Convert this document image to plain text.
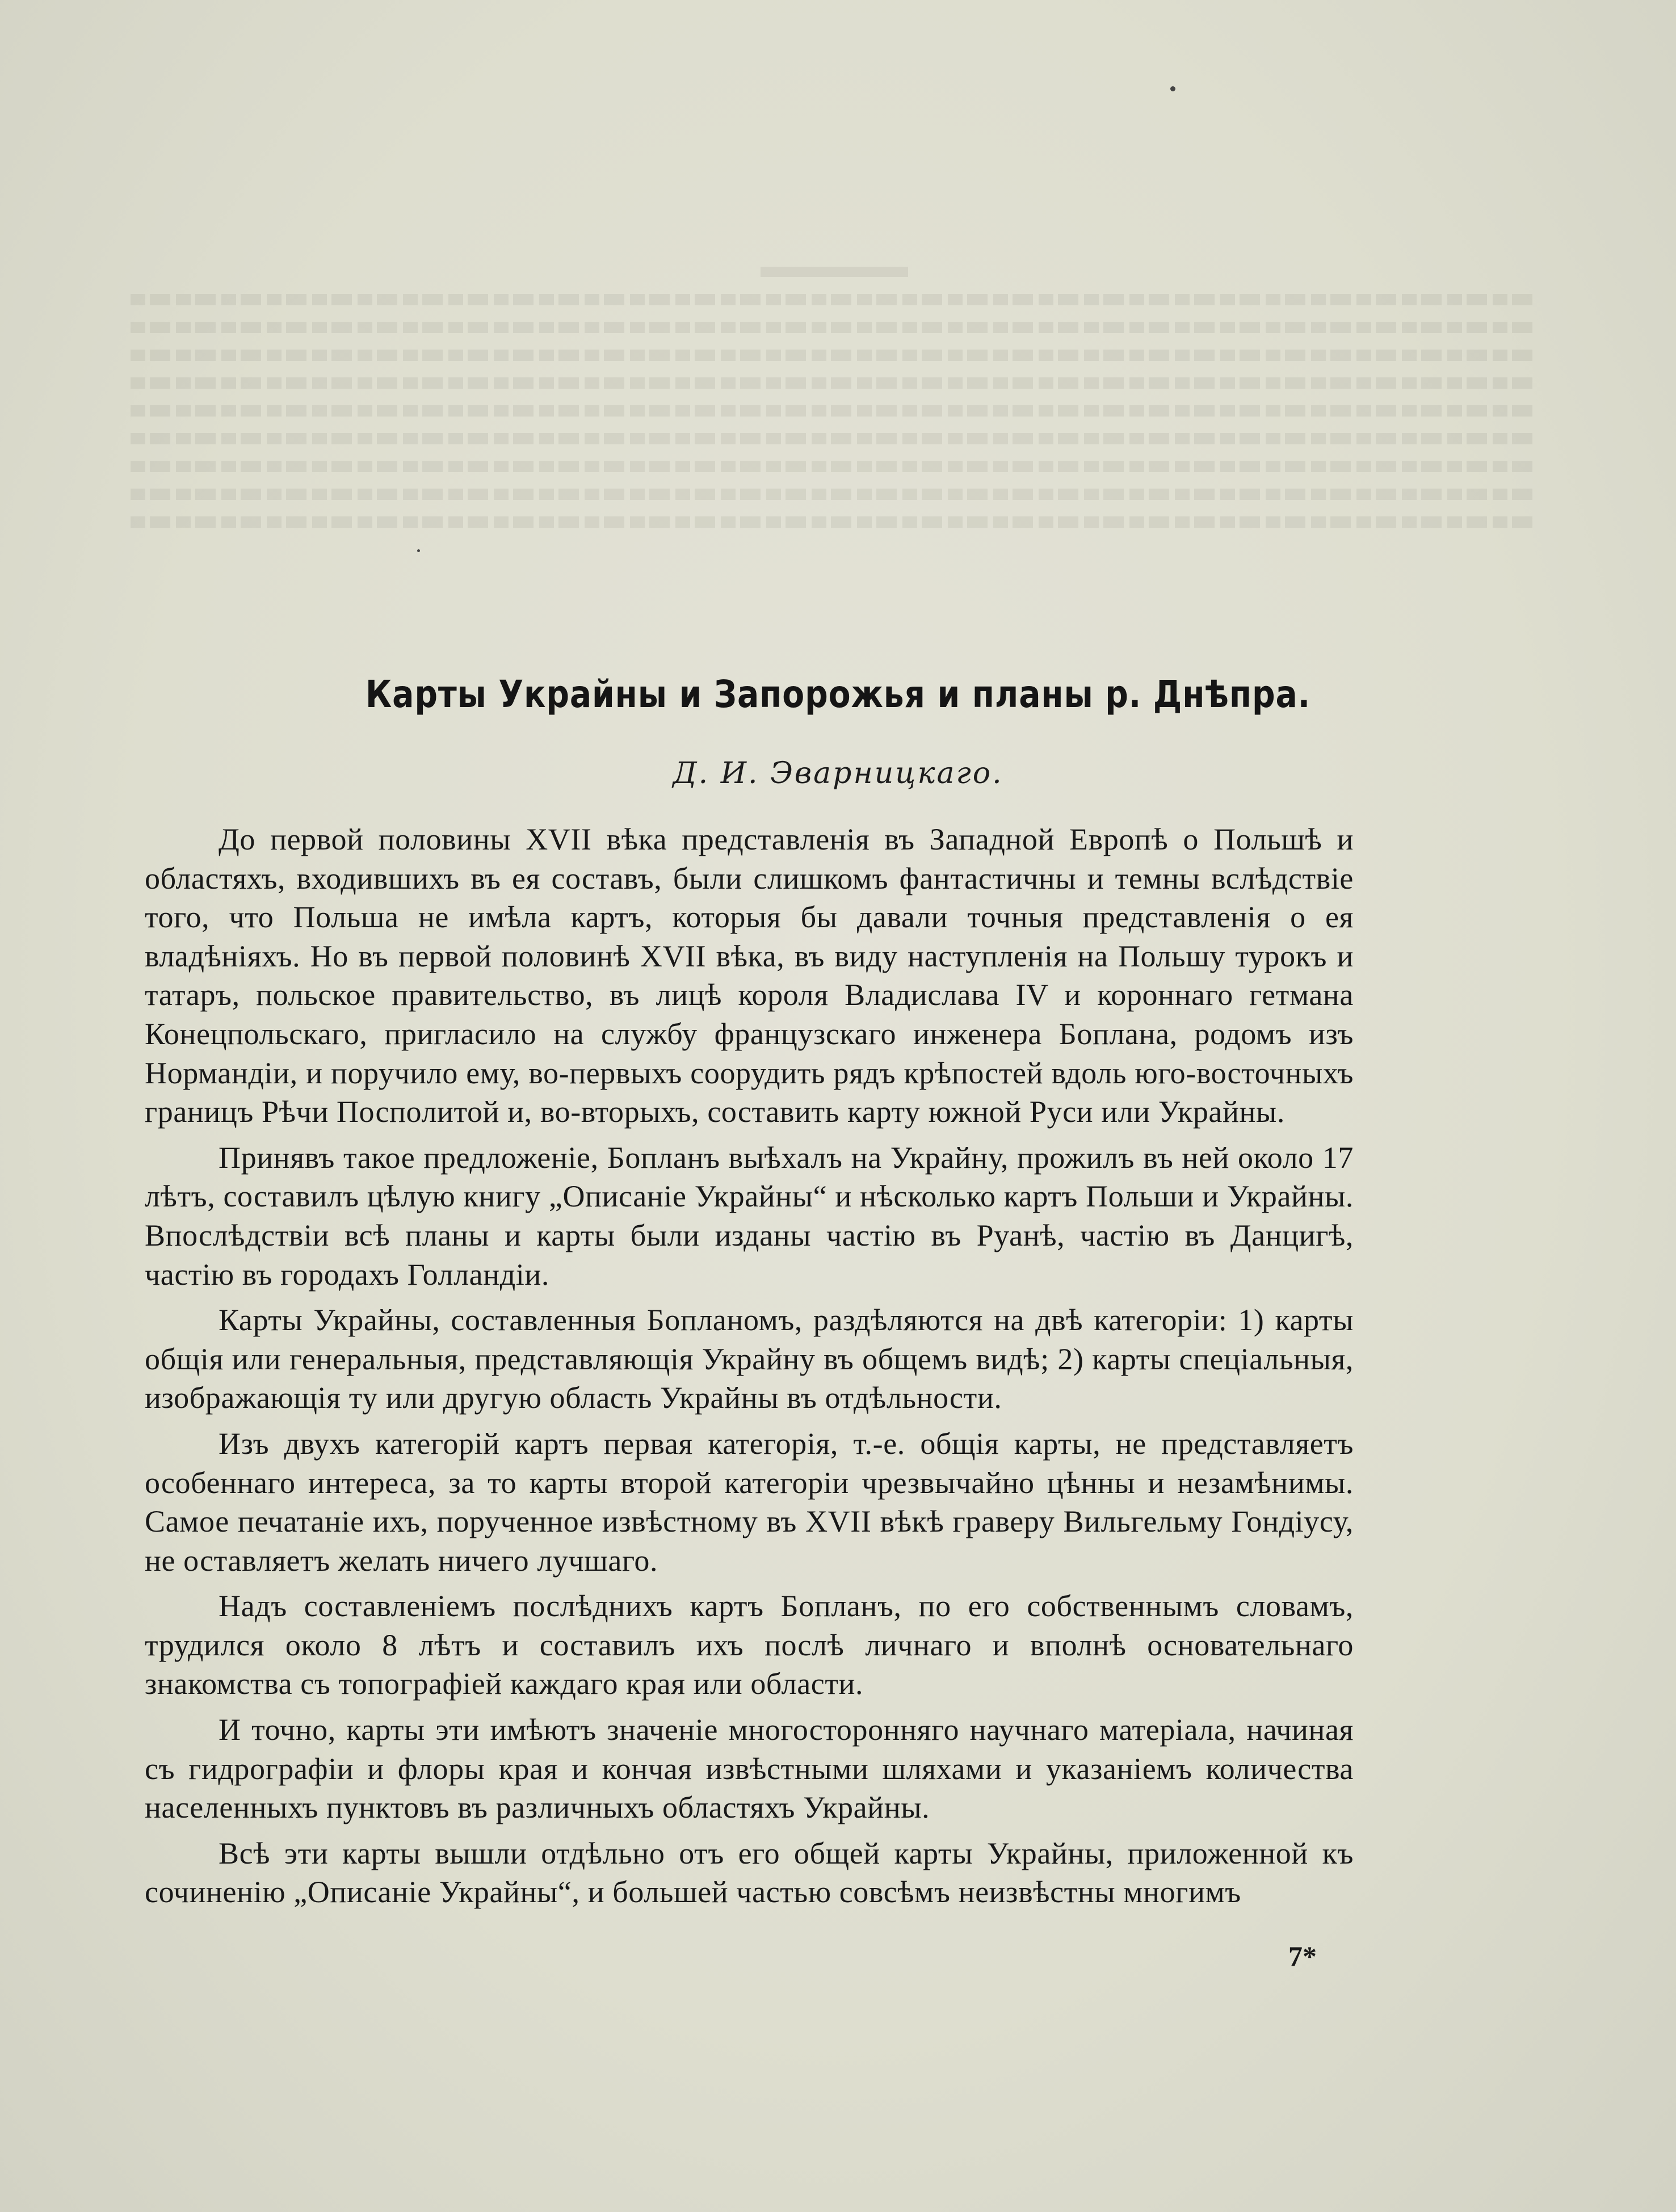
Карты Украйны и Запорожья и планы р. Днѣпра.
Д. И. Эварницкаго.

До первой половины XVII вѣка представленія въ Западной Европѣ о Польшѣ и областяхъ, входившихъ въ ея составъ, были слишкомъ фантастичны и темны вслѣдствіе того, что Польша не имѣла картъ, которыя бы давали точныя представленія о ея владѣніяхъ. Но въ первой половинѣ XVII вѣка, въ виду наступленія на Польшу турокъ и татаръ, польское правительство, въ лицѣ короля Владислава IV и короннаго гетмана Конецпольскаго, пригласило на службу французскаго инженера Боплана, родомъ изъ Нормандіи, и поручило ему, во-первыхъ соорудить рядъ крѣпостей вдоль юго-восточныхъ границъ Рѣчи Посполитой и, во-вторыхъ, составить карту южной Руси или Украйны.

Принявъ такое предложеніе, Бопланъ выѣхалъ на Украйну, прожилъ въ ней около 17 лѣтъ, составилъ цѣлую книгу „Описаніе Украйны“ и нѣсколько картъ Польши и Украйны. Впослѣдствіи всѣ планы и карты были изданы частію въ Руанѣ, частію въ Данцигѣ, частію въ городахъ Голландіи.

Карты Украйны, составленныя Бопланомъ, раздѣляются на двѣ категоріи: 1) карты общія или генеральныя, представляющія Украйну въ общемъ видѣ; 2) карты спеціальныя, изображающія ту или другую область Украйны въ отдѣльности.

Изъ двухъ категорій картъ первая категорія, т.-е. общія карты, не представляетъ особеннаго интереса, за то карты второй категоріи чрезвычайно цѣнны и незамѣнимы. Самое печатаніе ихъ, порученное извѣстному въ XVII вѣкѣ граверу Вильгельму Гондіусу, не оставляетъ желать ничего лучшаго.

Надъ составленіемъ послѣднихъ картъ Бопланъ, по его собственнымъ словамъ, трудился около 8 лѣтъ и составилъ ихъ послѣ личнаго и вполнѣ основательнаго знакомства съ топографіей каждаго края или области.

И точно, карты эти имѣютъ значеніе многосторонняго научнаго матеріала, начиная съ гидрографіи и флоры края и кончая извѣстными шляхами и указаніемъ количества населенныхъ пунктовъ въ различныхъ областяхъ Украйны.

Всѣ эти карты вышли отдѣльно отъ его общей карты Украйны, приложенной къ сочиненію „Описаніе Украйны“, и большей частью совсѣмъ неизвѣстны многимъ

7*
